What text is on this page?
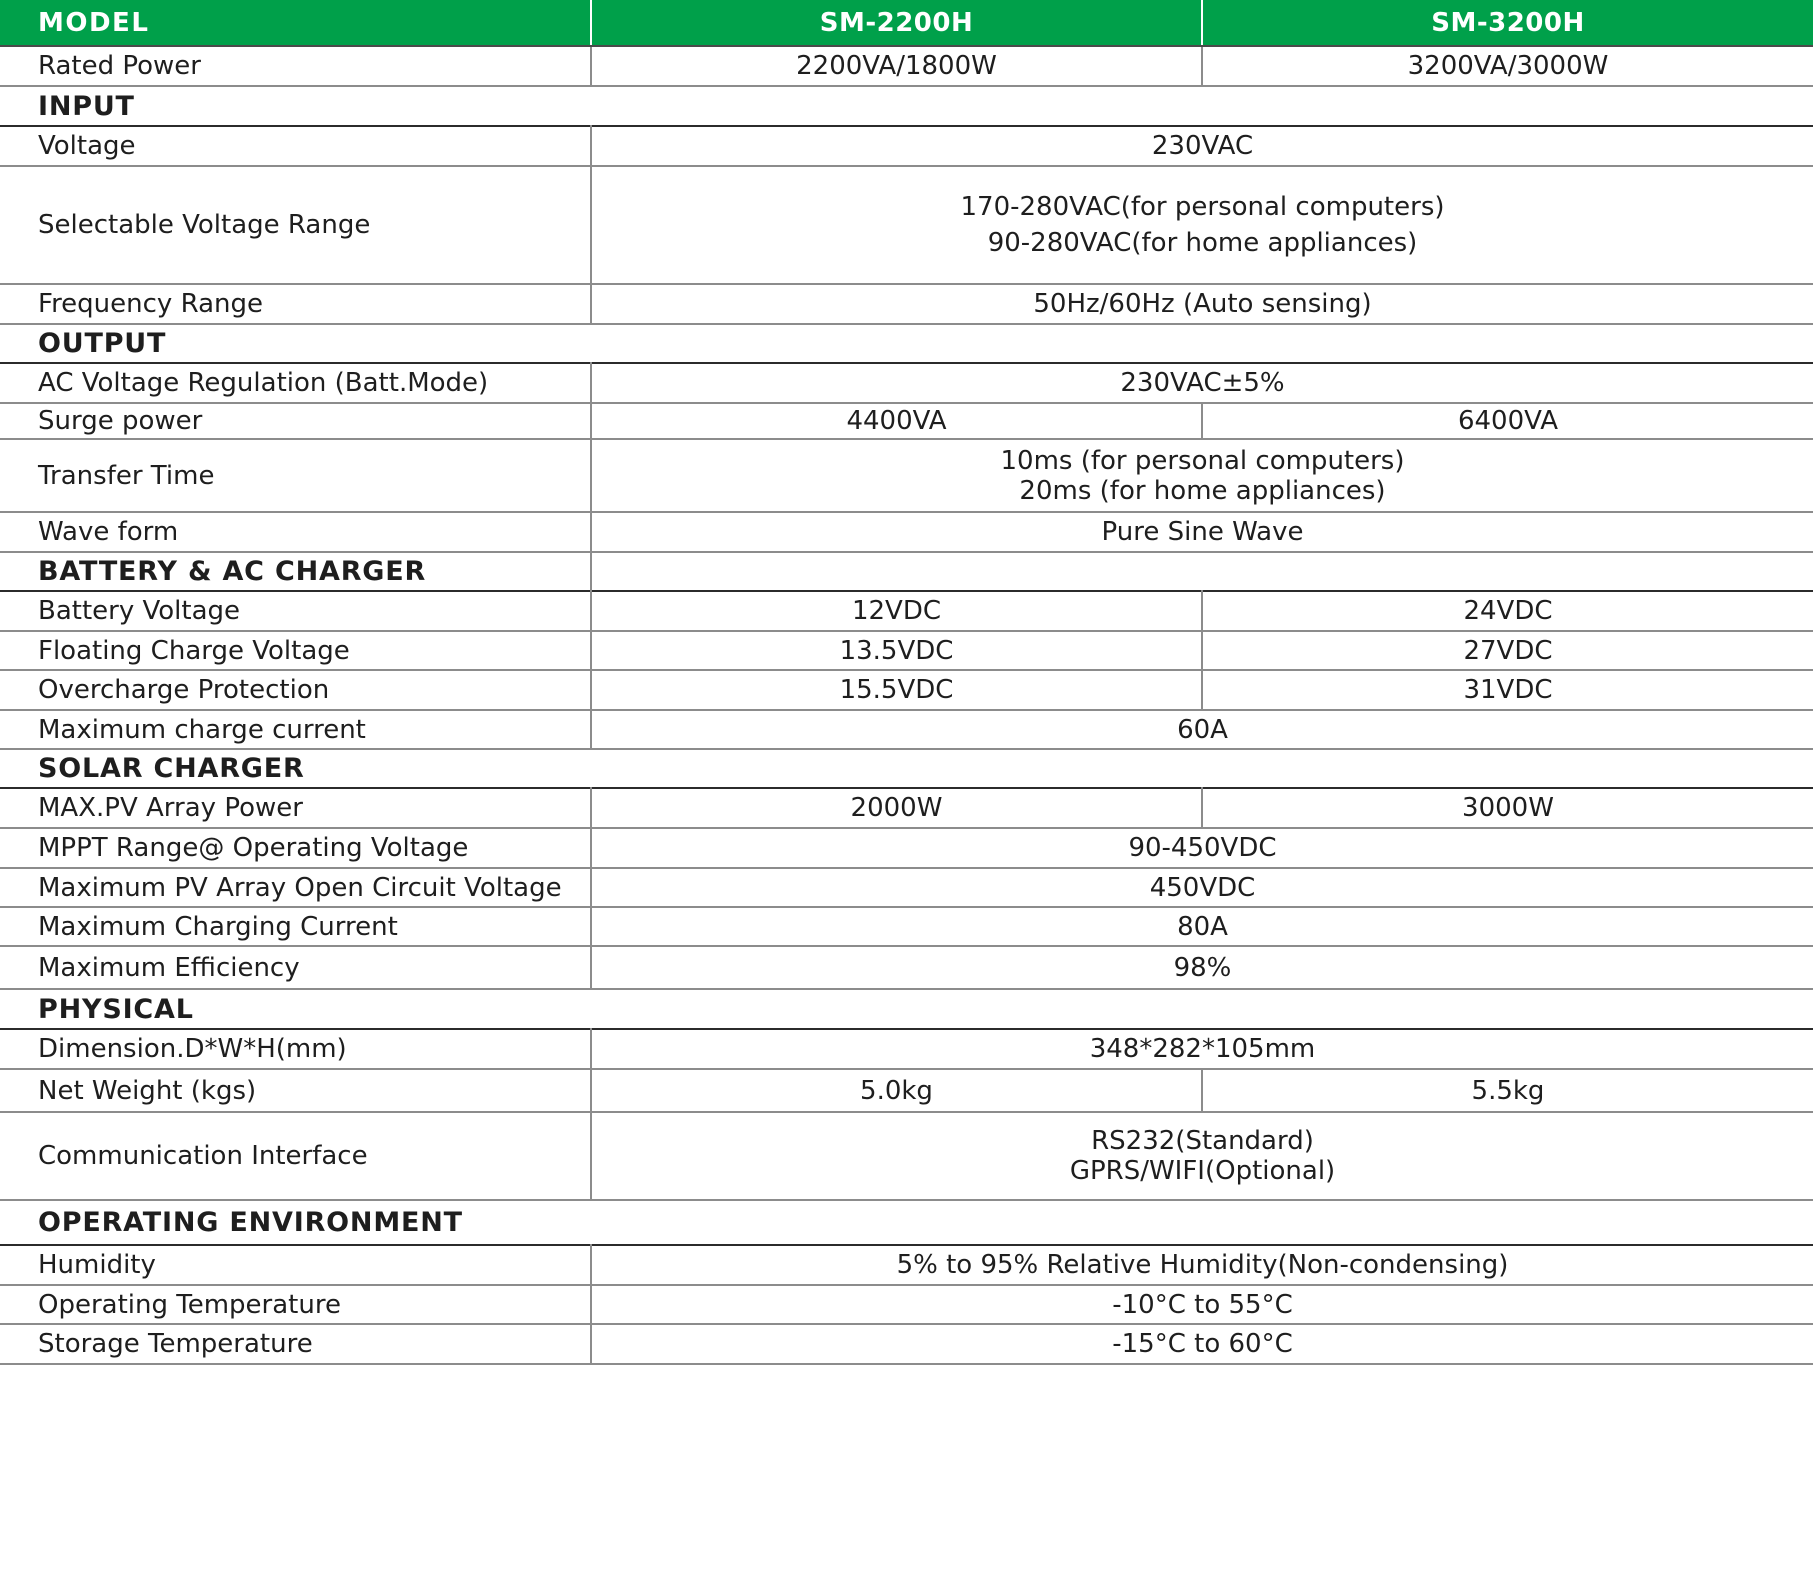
MODEL	SM-2200H	SM-3200H
Rated Power	2200VA/1800W	3200VA/3000W
INPUT		
Voltage	230VAC	
Selectable Voltage Range	170-280VAC(for personal computers)
90-280VAC(for home appliances)	

Frequency Range	50Hz/60Hz (Auto sensing)	
OUTPUT		
AC Voltage Regulation (Batt.Mode)	230VAC±5%	
Surge power	4400VA	6400VA
Transfer Time	10ms (for personal computers)
20ms (for home appliances)	

Wave form	Pure Sine Wave	
BATTERY & AC CHARGER		
Battery Voltage	12VDC	24VDC
Floating Charge Voltage	13.5VDC	27VDC
Overcharge Protection	15.5VDC	31VDC
Maximum charge current	60A	
SOLAR CHARGER		
MAX.PV Array Power	2000W	3000W
MPPT Range@ Operating Voltage	90-450VDC	
Maximum PV Array Open Circuit Voltage	450VDC	
Maximum Charging Current	80A	
Maximum Efficiency	98%	
PHYSICAL		
Dimension.D*W*H(mm)	348*282*105mm	
Net Weight (kgs)	5.0kg	5.5kg
Communication Interface	RS232(Standard)
GPRS/WIFI(Optional)	

OPERATING ENVIRONMENT		
Humidity	5% to 95% Relative Humidity(Non-condensing)	
Operating Temperature	-10°C to 55°C	
Storage Temperature	-15°C to 60°C	
